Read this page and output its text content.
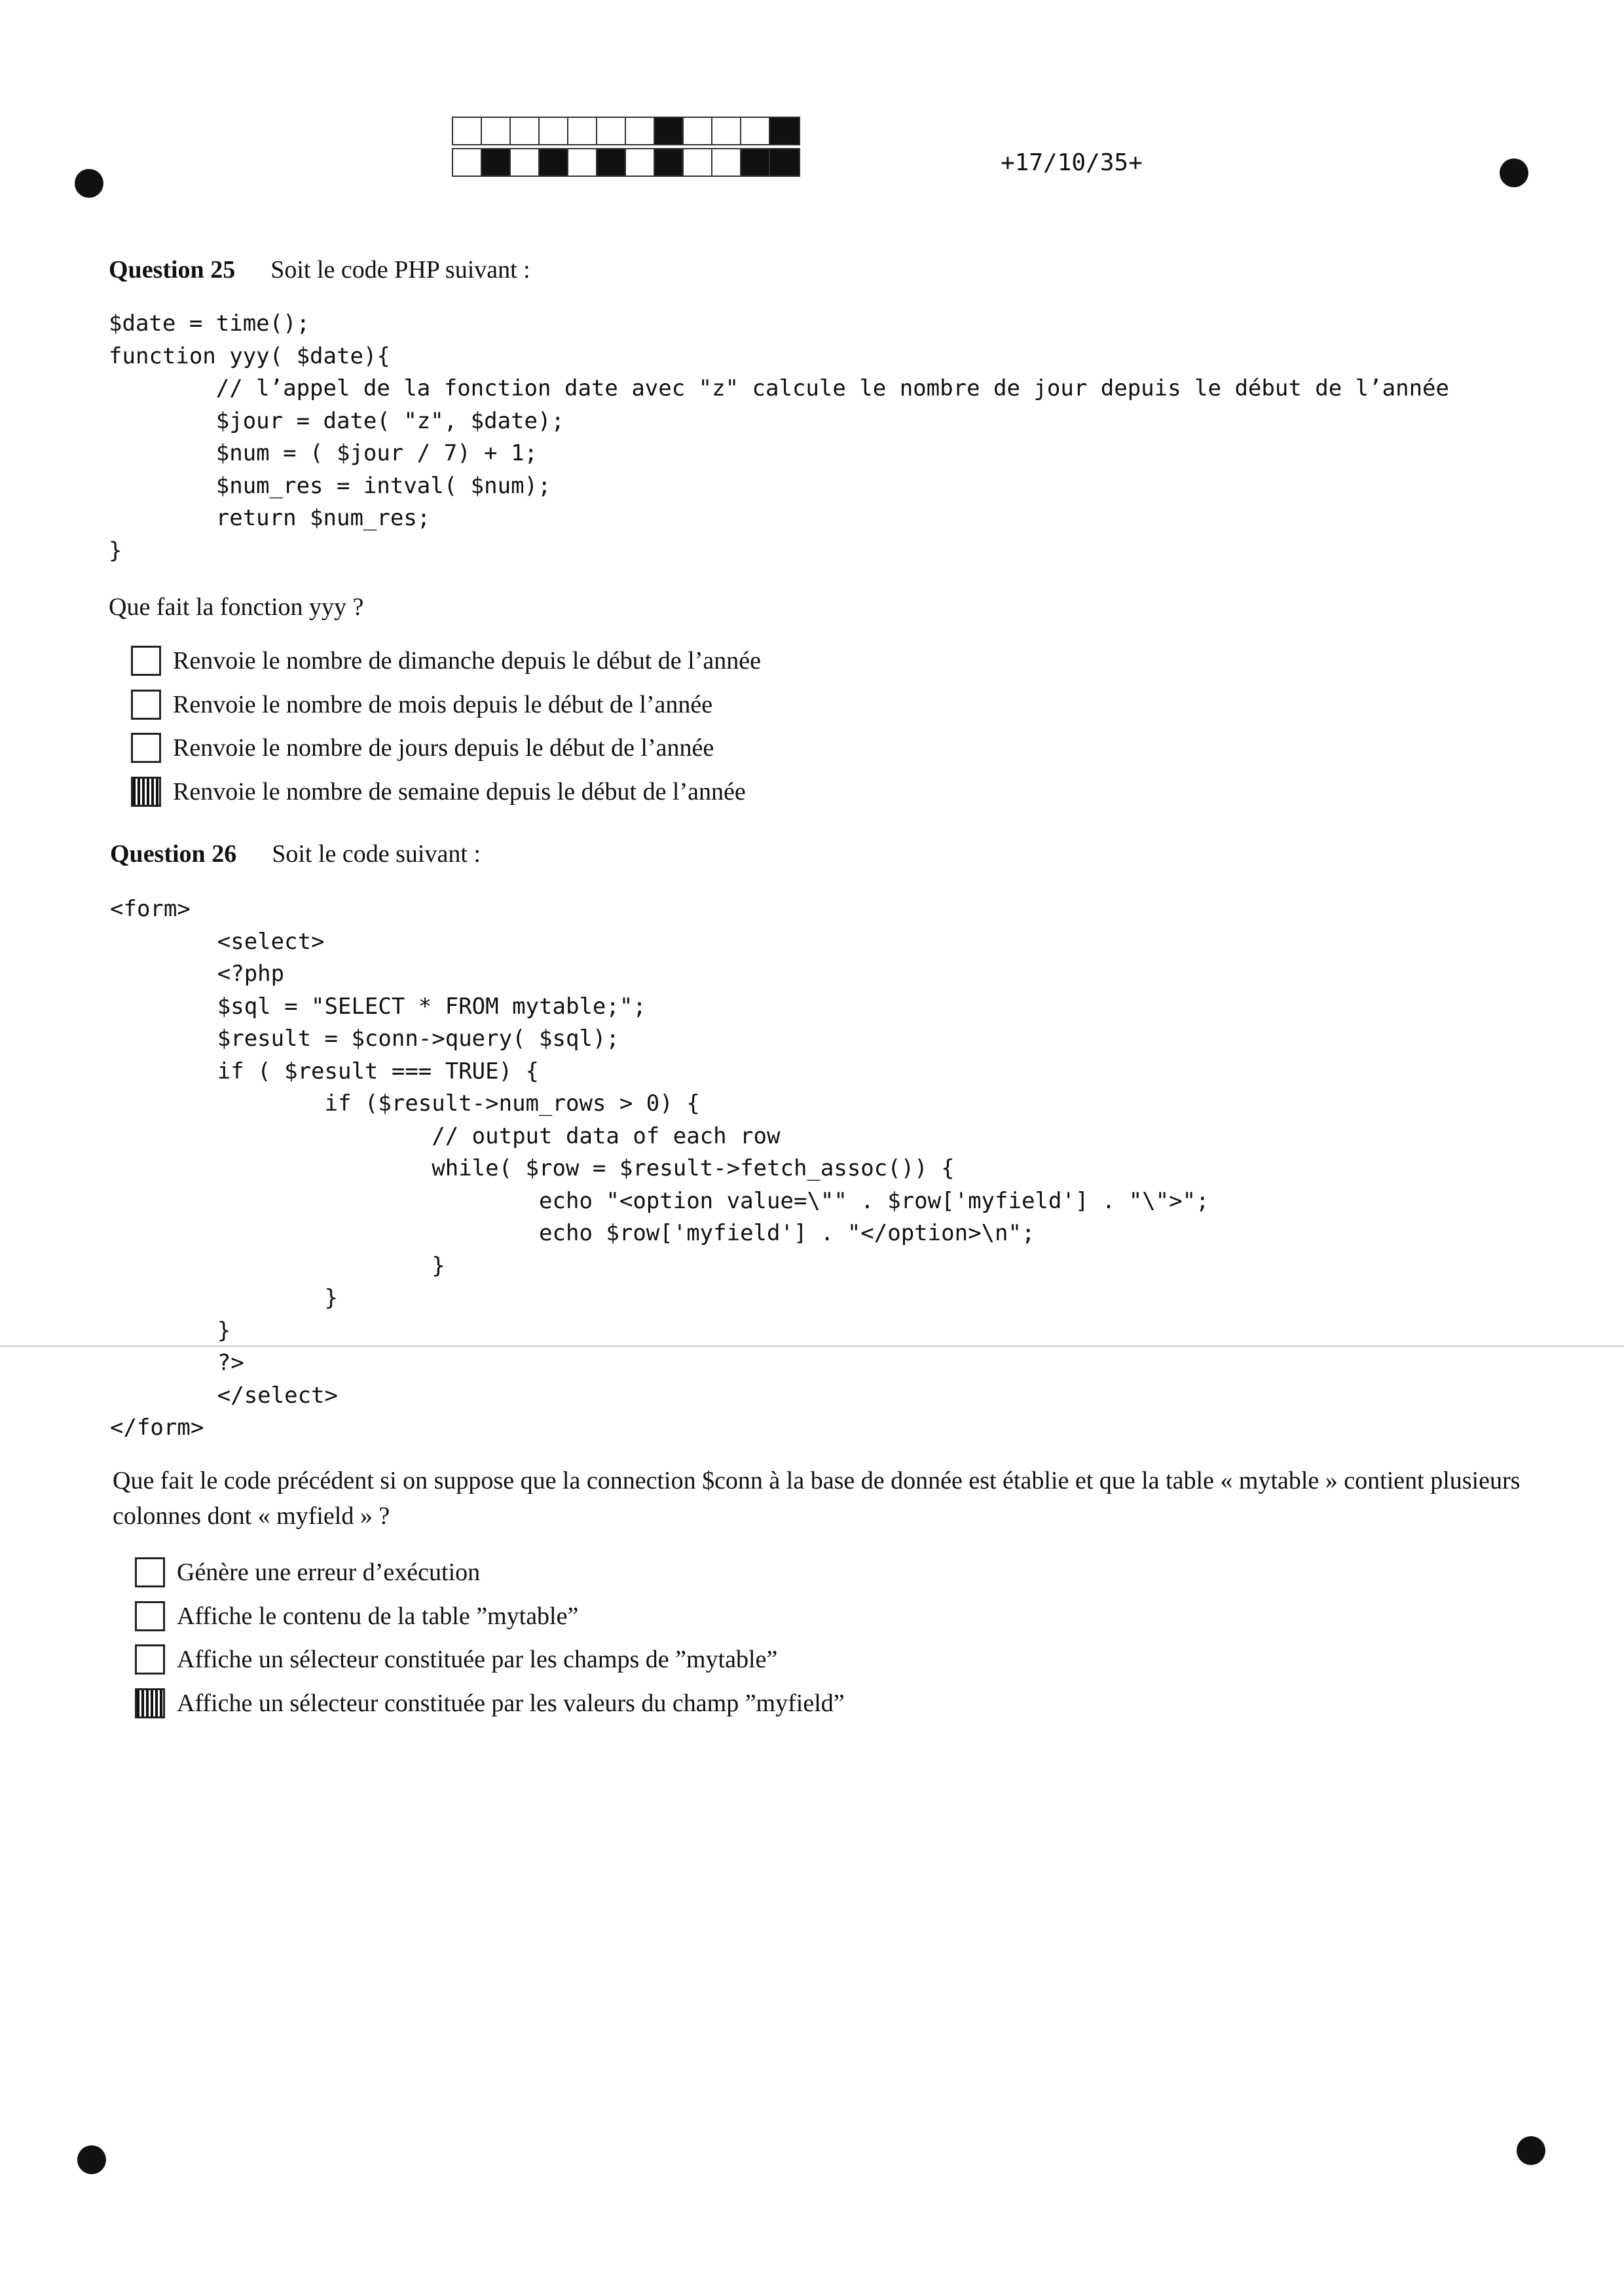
+17/10/35+
Question 25 Soit le code PHP suivant :
$date = time();
function yyy( $date){
// l’appel de la fonction date avec "z" calcule le nombre de jour depuis le début de l’année
$jour = date( "z", $date);
$num = ( $jour / 7) + 1;
$num_res = intval( $num);
return $num_res;
}
Que fait la fonction yyy ?
Renvoie le nombre de dimanche depuis le début de l’année
Renvoie le nombre de mois depuis le début de l’année
Renvoie le nombre de jours depuis le début de l’année
Renvoie le nombre de semaine depuis le début de l’année
Question 26 Soit le code suivant :
<form>
<select>
<?php
$sql = "SELECT * FROM mytable;";
$result = $conn->query( $sql);
if ( $result === TRUE) {
if ($result->num_rows > 0) {
// output data of each row
while( $row = $result->fetch_assoc()) {
echo "<option value=\"" . $row['myfield'] . "\">";
echo $row['myfield'] . "</option>\n";
}
}
}
?>
</select>
</form>
Que fait le code précédent si on suppose que la connection $conn à la base de donnée est établie et que la table « mytable » contient plusieurs colonnes dont « myfield » ?
Génère une erreur d’exécution
Affiche le contenu de la table ”mytable”
Affiche un sélecteur constituée par les champs de ”mytable”
Affiche un sélecteur constituée par les valeurs du champ ”myfield”
